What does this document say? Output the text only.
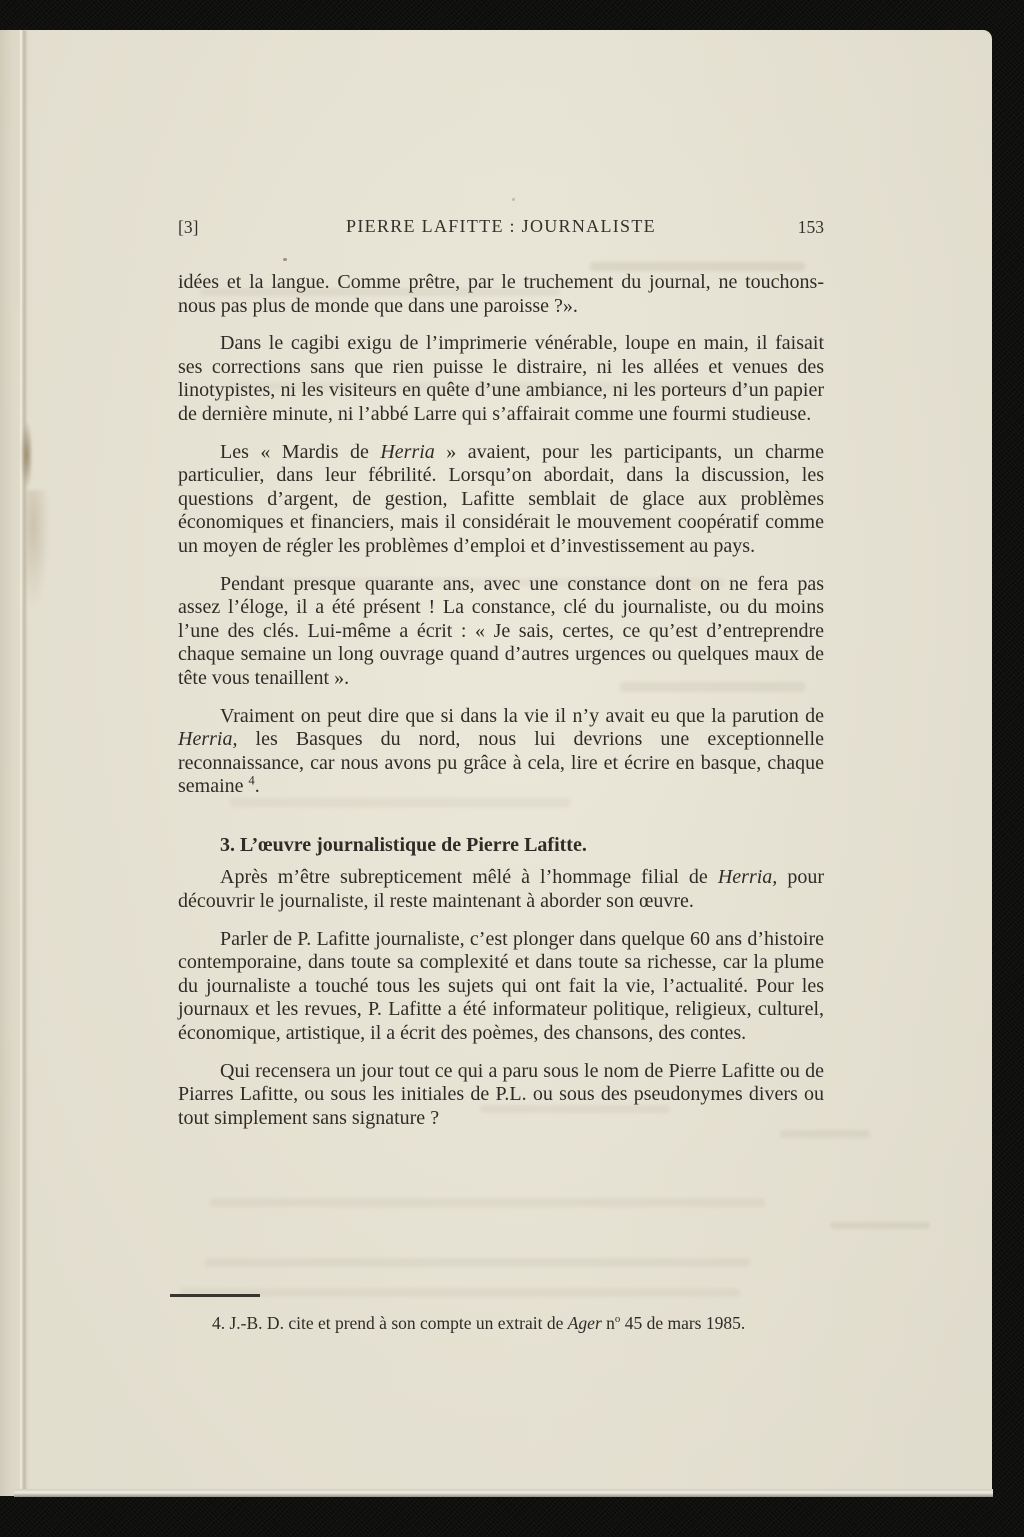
[3]	PIERRE LAFITTE : JOURNALISTE	153

idées et la langue. Comme prêtre, par le truchement du journal, ne touchons-nous pas plus de monde que dans une paroisse ?».

Dans le cagibi exigu de l’imprimerie vénérable, loupe en main, il faisait ses corrections sans que rien puisse le distraire, ni les allées et venues des linotypistes, ni les visiteurs en quête d’une ambiance, ni les porteurs d’un papier de dernière minute, ni l’abbé Larre qui s’affairait comme une fourmi studieuse.

Les « Mardis de Herria » avaient, pour les participants, un charme particulier, dans leur fébrilité. Lorsqu’on abordait, dans la discussion, les questions d’argent, de gestion, Lafitte semblait de glace aux problèmes économiques et financiers, mais il considérait le mouvement coopératif comme un moyen de régler les problèmes d’emploi et d’investissement au pays.

Pendant presque quarante ans, avec une constance dont on ne fera pas assez l’éloge, il a été présent ! La constance, clé du journaliste, ou du moins l’une des clés. Lui-même a écrit : « Je sais, certes, ce qu’est d’entreprendre chaque semaine un long ouvrage quand d’autres urgences ou quelques maux de tête vous tenaillent ».

Vraiment on peut dire que si dans la vie il n’y avait eu que la parution de Herria, les Basques du nord, nous lui devrions une exceptionnelle reconnaissance, car nous avons pu grâce à cela, lire et écrire en basque, chaque semaine $^4$.

3. L’œuvre journalistique de Pierre Lafitte.

Après m’être subrepticement mêlé à l’hommage filial de Herria, pour découvrir le journaliste, il reste maintenant à aborder son œuvre.

Parler de P. Lafitte journaliste, c’est plonger dans quelque 60 ans d’histoire contemporaine, dans toute sa complexité et dans toute sa richesse, car la plume du journaliste a touché tous les sujets qui ont fait la vie, l’actualité. Pour les journaux et les revues, P. Lafitte a été informateur politique, religieux, culturel, économique, artistique, il a écrit des poèmes, des chansons, des contes.

Qui recensera un jour tout ce qui a paru sous le nom de Pierre Lafitte ou de Piarres Lafitte, ou sous les initiales de P.L. ou sous des pseudonymes divers ou tout simplement sans signature ?

4. J.-B. D. cite et prend à son compte un extrait de Ager $n^o$ 45 de mars 1985.
